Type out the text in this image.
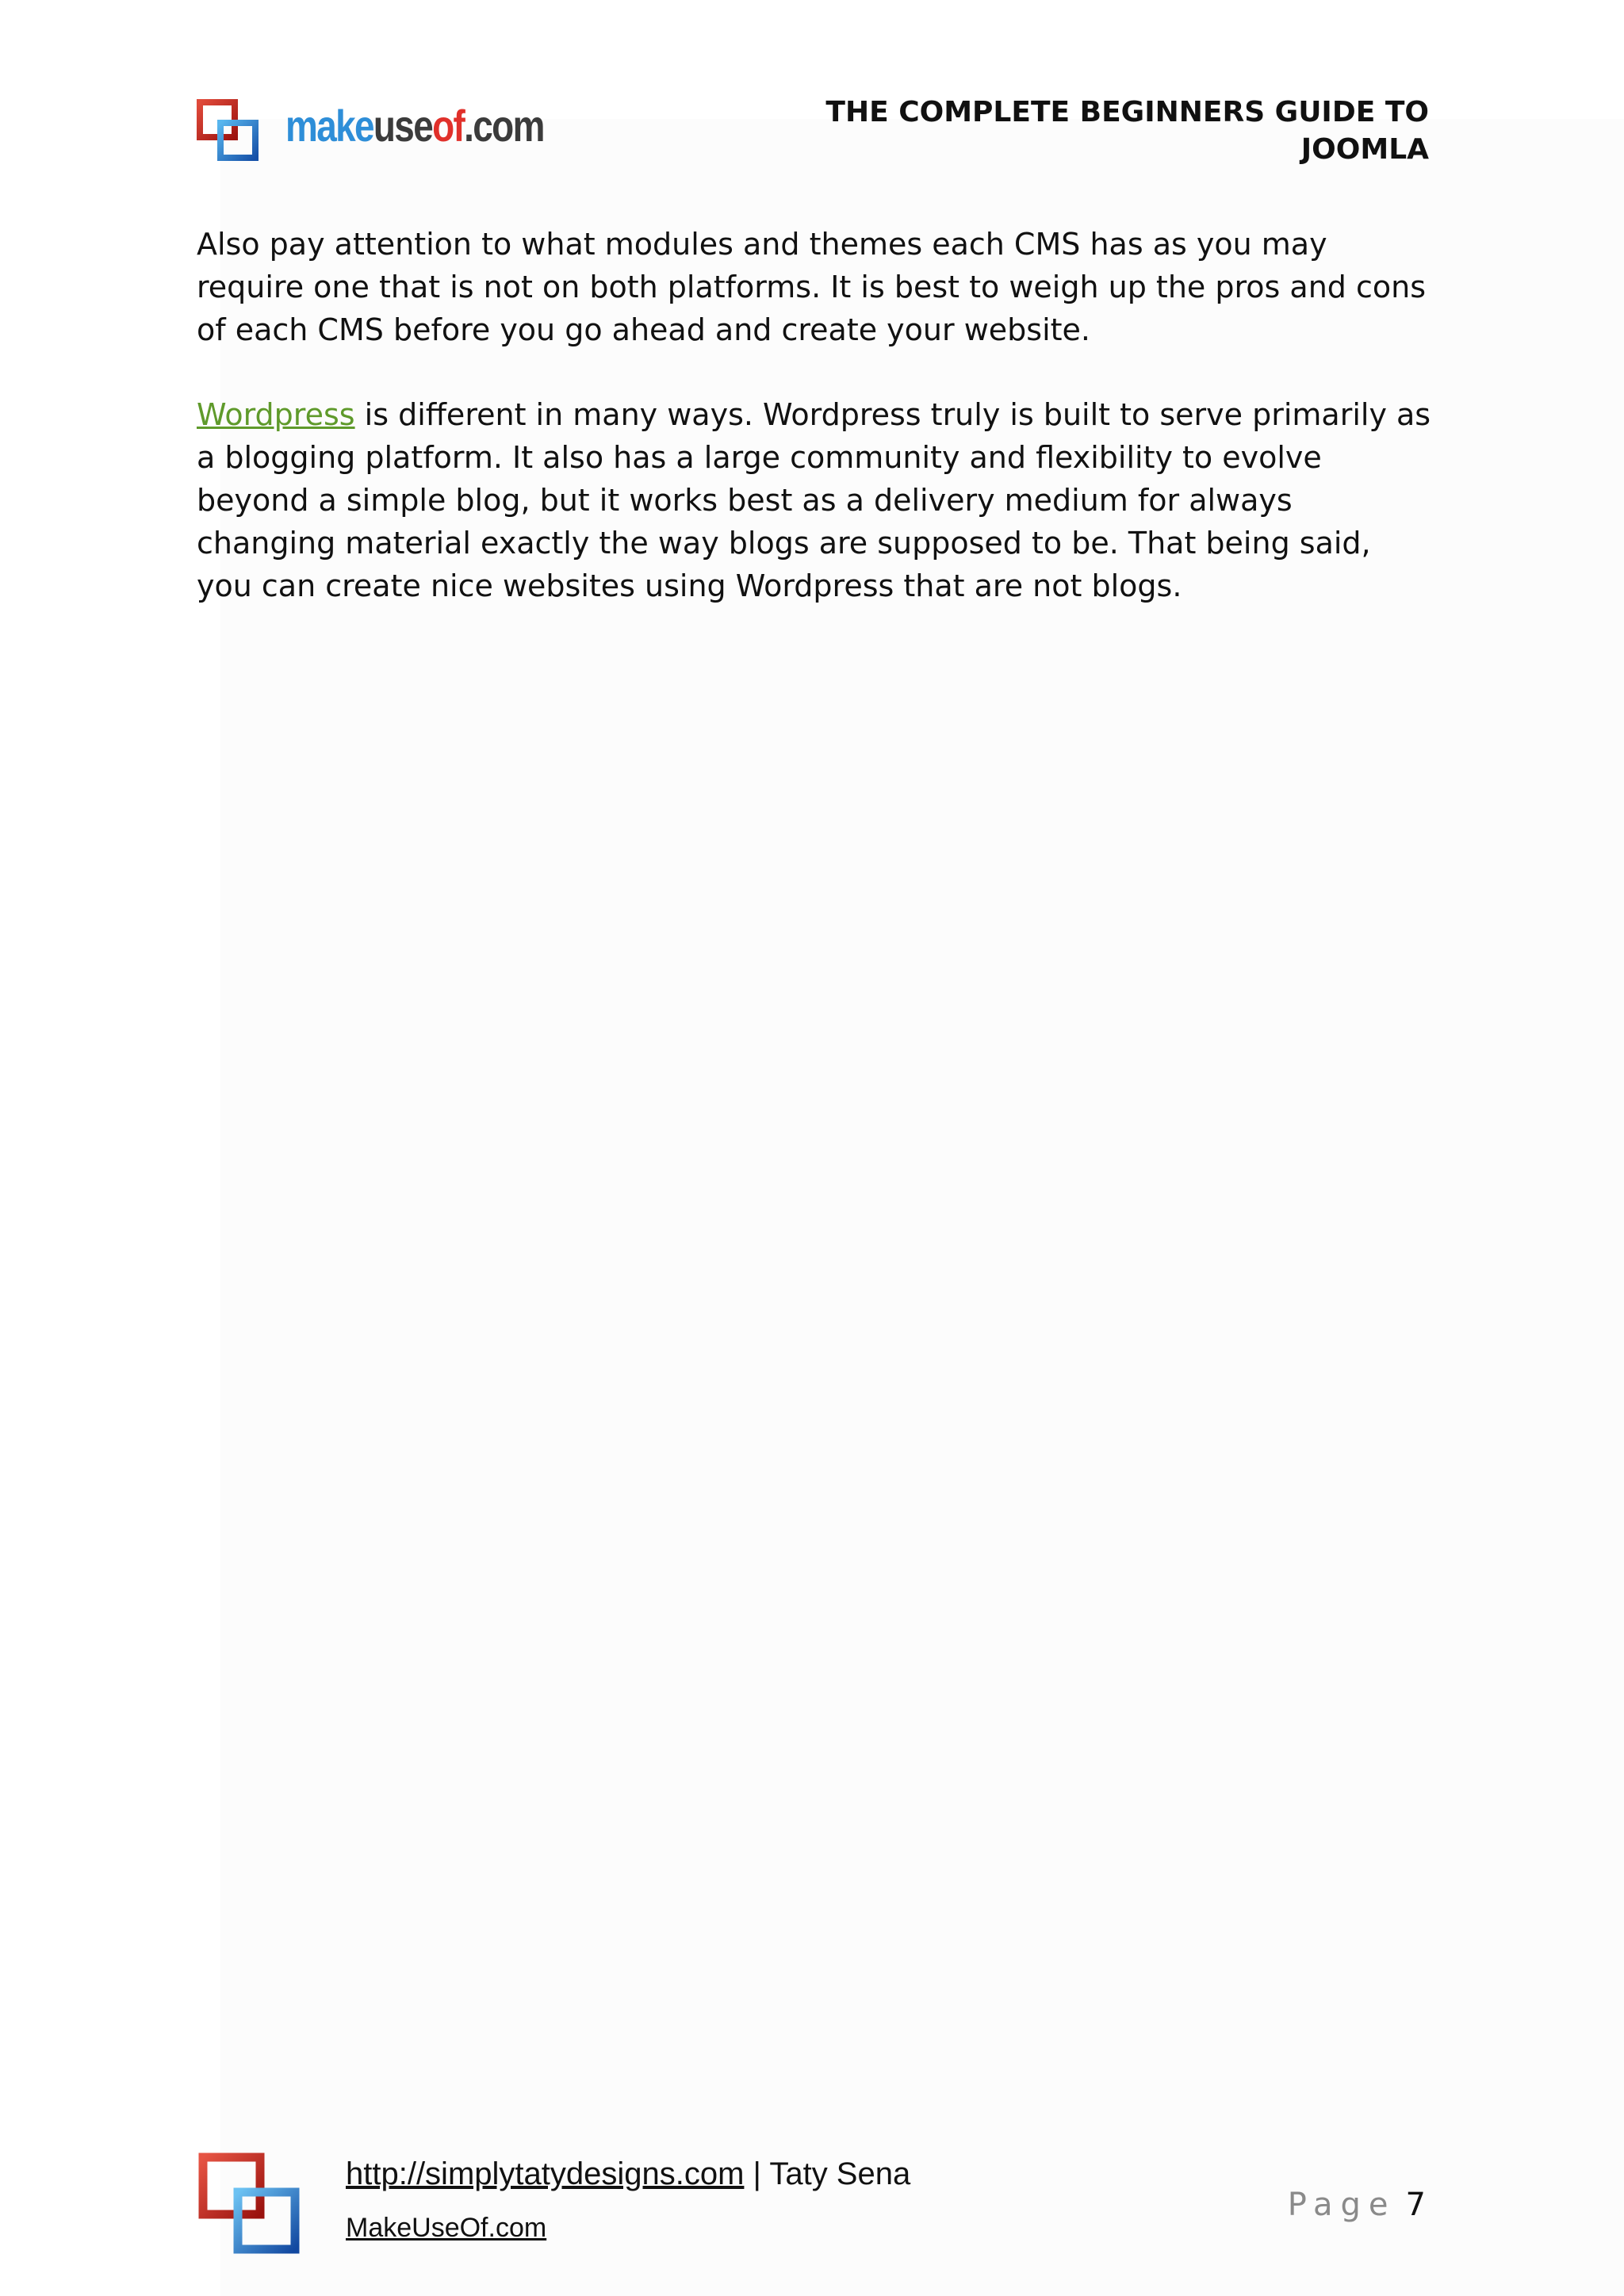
makeuseof.com	THE COMPLETE BEGINNERS GUIDE TO
JOOMLA

Also pay attention to what modules and themes each CMS has as you may require one that is not on both platforms. It is best to weigh up the pros and cons of each CMS before you go ahead and create your website.

Wordpress is different in many ways. Wordpress truly is built to serve primarily as a blogging platform. It also has a large community and flexibility to evolve beyond a simple blog, but it works best as a delivery medium for always changing material exactly the way blogs are supposed to be. That being said, you can create nice websites using Wordpress that are not blogs.

http://simplytatydesigns.com | Taty Sena
MakeUseOf.com
Page 7
